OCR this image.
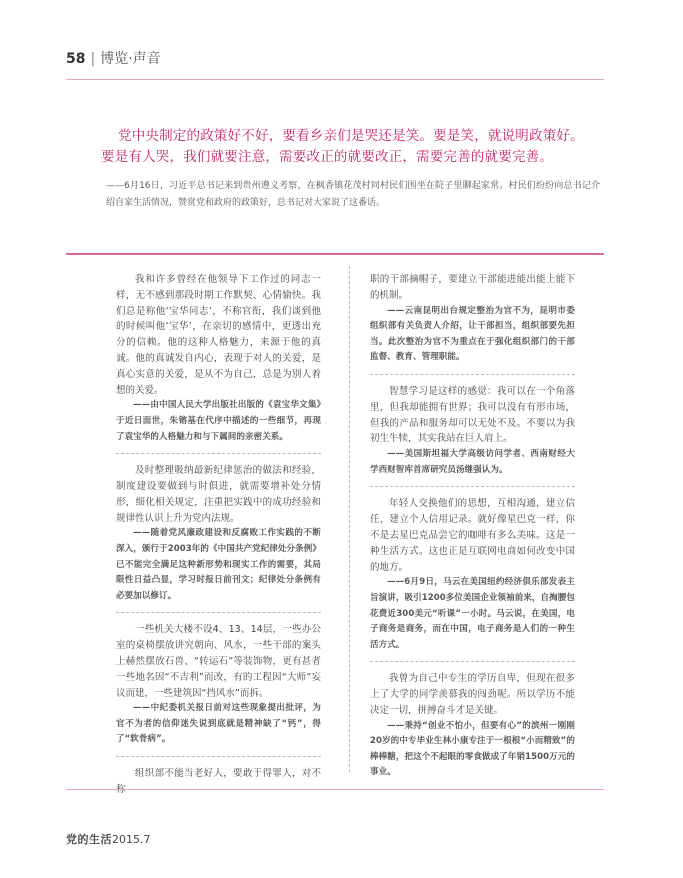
58 | 博览·声音
党中央制定的政策好不好，要看乡亲们是哭还是笑。要是笑，就说明政策好。
要是有人哭，我们就要注意，需要改正的就要改正，需要完善的就要完善。
——6月16日，习近平总书记来到贵州遵义考察，在枫香镇花茂村同村民们围坐在院子里聊起家常。村民们纷纷向总书记介绍自家生活情况，赞赏党和政府的政策好，总书记对大家说了这番话。

我和许多曾经在他领导下工作过的同志一样，无不感到那段时期工作默契、心情愉快。我们总是称他‘宝华同志’，不称官衔，我们谈到他的时候叫他‘宝华’，在亲切的感情中，更透出充分的信赖。他的这种人格魅力，来源于他的真诚。他的真诚发自内心，表现于对人的关爱，是真心实意的关爱，是从不为自己，总是为别人着想的关爱。

——由中国人民大学出版社出版的《袁宝华文集》于近日面世，朱镕基在代序中描述的一些细节，再现了袁宝华的人格魅力和与下属间的亲密关系。

及时整理吸纳最新纪律惩治的做法和经验，制度建设要做到与时俱进，就需要增补处分情形，细化相关规定，注重把实践中的成功经验和规律性认识上升为党内法规。

——随着党风廉政建设和反腐败工作实践的不断深入，颁行于2003年的《中国共产党纪律处分条例》已不能完全满足这种新形势和现实工作的需要，其局限性日益凸显，学习时报日前刊文；纪律处分条例有必要加以修订。

一些机关大楼不设4、13、14层，一些办公室的桌椅摆放讲究朝向、风水，一些干部的案头上赫然摆放石兽、“转运石”等装饰物，更有甚者一些地名因“不吉利”而改，有的工程因“大师”妄议而建，一些建筑因“挡风水”而拆。

——中纪委机关报日前对这些现象提出批评，为官不为者的信仰迷失说到底就是精神缺了“钙”，得了“软骨病”。

组织部不能当老好人，要敢于得罪人，对不称

职的干部摘帽子，要建立干部能进能出能上能下的机制。

——云南昆明出台规定整治为官不为，昆明市委组织部有关负责人介绍，让干部担当，组织部要先担当。此次整治为官不为重点在于强化组织部门的干部监督、教育、管理职能。

智慧学习是这样的感觉：我可以在一个角落里，但我却能拥有世界；我可以没有有形市场，但我的产品和服务却可以无处不及。不要以为我初生牛犊，其实我站在巨人肩上。

——美国斯坦福大学高级访问学者、西南财经大学西财智库首席研究员汤继强认为。

年轻人交换他们的思想，互相沟通，建立信任，建立个人信用记录。就好像星巴克一样，你不是去星巴克品尝它的咖啡有多么美味。这是一种生活方式。这也正是互联网电商如何改变中国的地方。

——6月9日，马云在美国纽约经济俱乐部发表主旨演讲，吸引1200多位美国企业领袖前来，自掏腰包花费近300美元“听课”一小时。马云说，在美国，电子商务是商务，而在中国，电子商务是人们的一种生活方式。

我曾为自己中专生的学历自卑，但现在很多上了大学的同学羡慕我的闯劲呢。所以学历不能决定一切，拼搏奋斗才是关键。

——秉持“创业不怕小，但要有心”的滨州一刚刚20岁的中专毕业生林小康专注于一根根“小而精致”的棒棒糖，把这个不起眼的零食做成了年销1500万元的事业。

党的生活2015.7
